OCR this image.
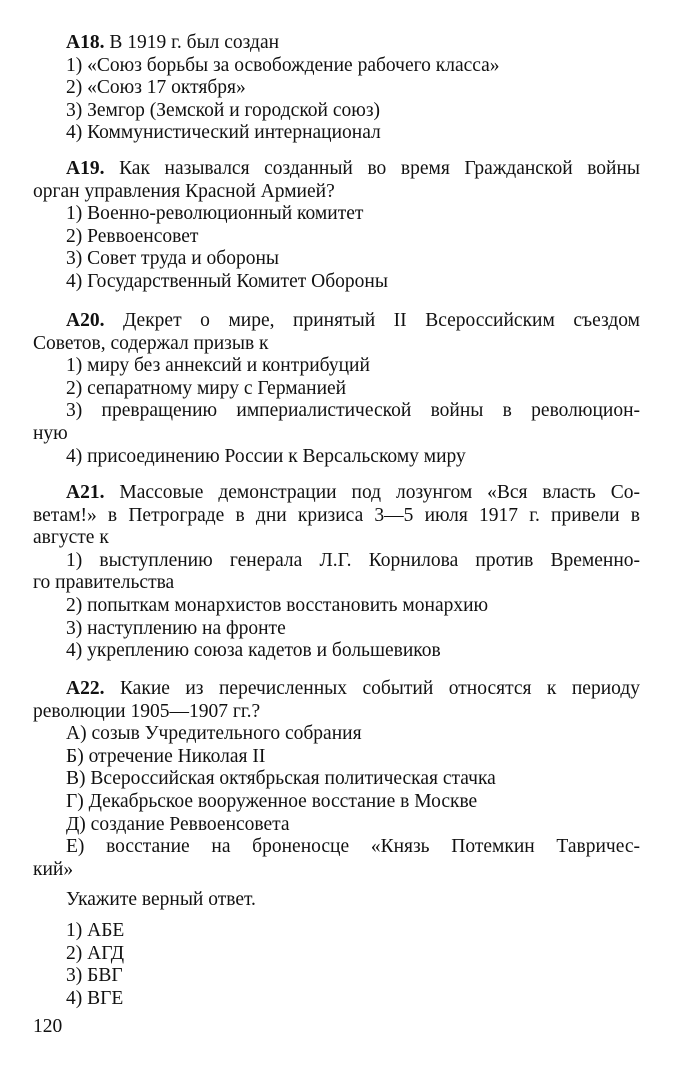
А18. В 1919 г. был создан
1) «Союз борьбы за освобождение рабочего класса»
2) «Союз 17 октября»
3) Земгор (Земской и городской союз)
4) Коммунистический интернационал
А19. Как назывался созданный во время Гражданской войны
орган управления Красной Армией?
1) Военно-революционный комитет
2) Реввоенсовет
3) Совет труда и обороны
4) Государственный Комитет Обороны
А20. Декрет о мире, принятый II Всероссийским съездом
Советов, содержал призыв к
1) миру без аннексий и контрибуций
2) сепаратному миру с Германией
3) превращению империалистической войны в революцион-
ную
4) присоединению России к Версальскому миру
А21. Массовые демонстрации под лозунгом «Вся власть Со-
ветам!» в Петрограде в дни кризиса 3—5 июля 1917 г. привели в
августе к
1) выступлению генерала Л.Г. Корнилова против Временно-
го правительства
2) попыткам монархистов восстановить монархию
3) наступлению на фронте
4) укреплению союза кадетов и большевиков
А22. Какие из перечисленных событий относятся к периоду
революции 1905—1907 гг.?
А) созыв Учредительного собрания
Б) отречение Николая II
В) Всероссийская октябрьская политическая стачка
Г) Декабрьское вооруженное восстание в Москве
Д) создание Реввоенсовета
Е) восстание на броненосце «Князь Потемкин Тавричес-
кий»
Укажите верный ответ.
1) АБЕ
2) АГД
3) БВГ
4) ВГЕ
120
